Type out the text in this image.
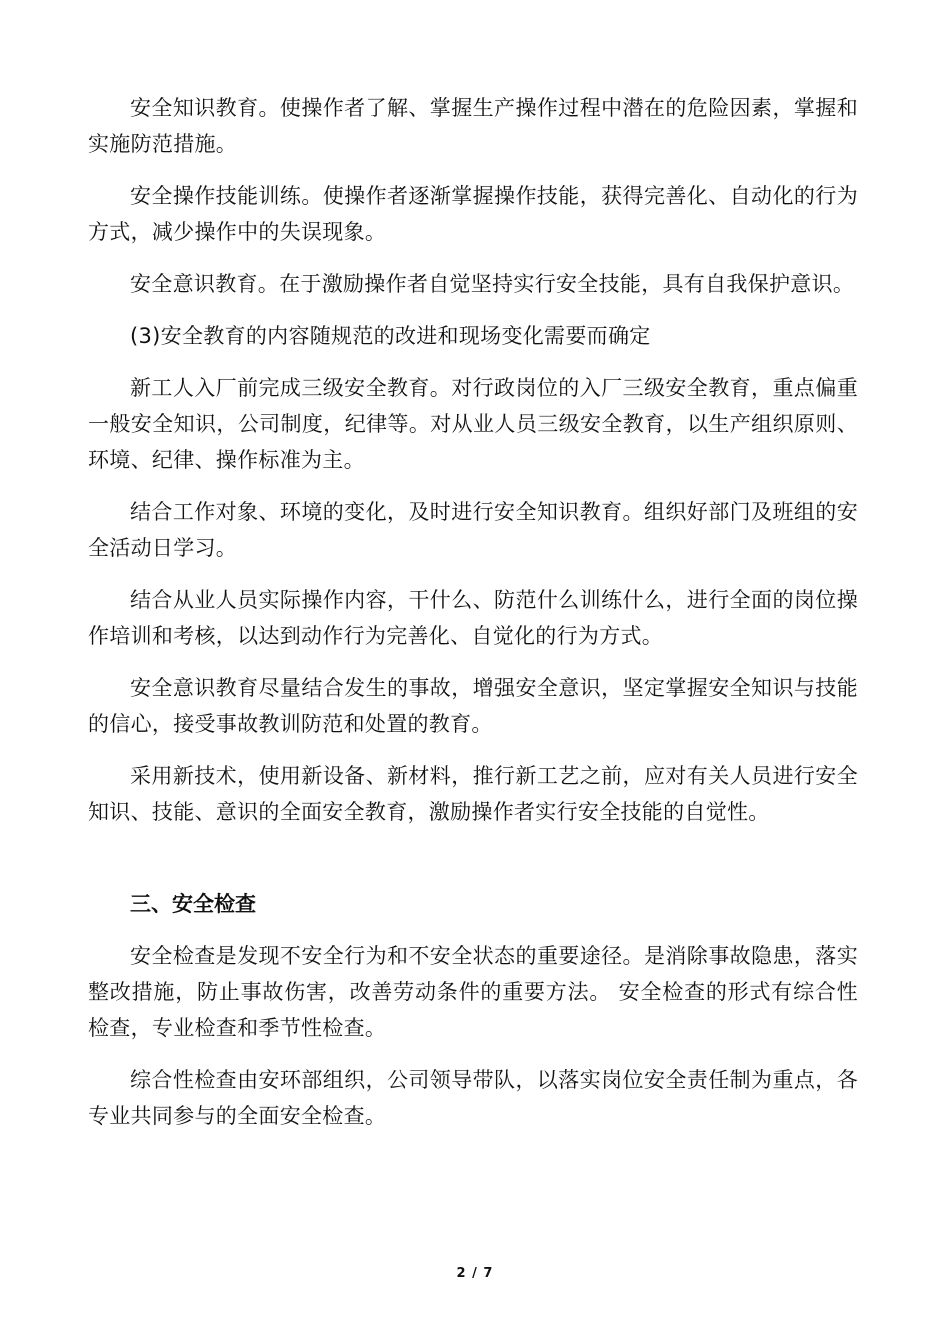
安全知识教育。使操作者了解、掌握生产操作过程中潜在的危险因素，掌握和实施防范措施。

安全操作技能训练。使操作者逐渐掌握操作技能，获得完善化、自动化的行为方式，减少操作中的失误现象。

安全意识教育。在于激励操作者自觉坚持实行安全技能，具有自我保护意识。

(3)安全教育的内容随规范的改进和现场变化需要而确定

新工人入厂前完成三级安全教育。对行政岗位的入厂三级安全教育，重点偏重一般安全知识，公司制度，纪律等。对从业人员三级安全教育，以生产组织原则、环境、纪律、操作标准为主。

结合工作对象、环境的变化，及时进行安全知识教育。组织好部门及班组的安全活动日学习。

结合从业人员实际操作内容，干什么、防范什么训练什么，进行全面的岗位操作培训和考核，以达到动作行为完善化、自觉化的行为方式。

安全意识教育尽量结合发生的事故，增强安全意识，坚定掌握安全知识与技能的信心，接受事故教训防范和处置的教育。

采用新技术，使用新设备、新材料，推行新工艺之前，应对有关人员进行安全知识、技能、意识的全面安全教育，激励操作者实行安全技能的自觉性。

三、安全检查

安全检查是发现不安全行为和不安全状态的重要途径。是消除事故隐患，落实整改措施，防止事故伤害，改善劳动条件的重要方法。 安全检查的形式有综合性检查，专业检查和季节性检查。

综合性检查由安环部组织，公司领导带队，以落实岗位安全责任制为重点，各专业共同参与的全面安全检查。

2 / 7
